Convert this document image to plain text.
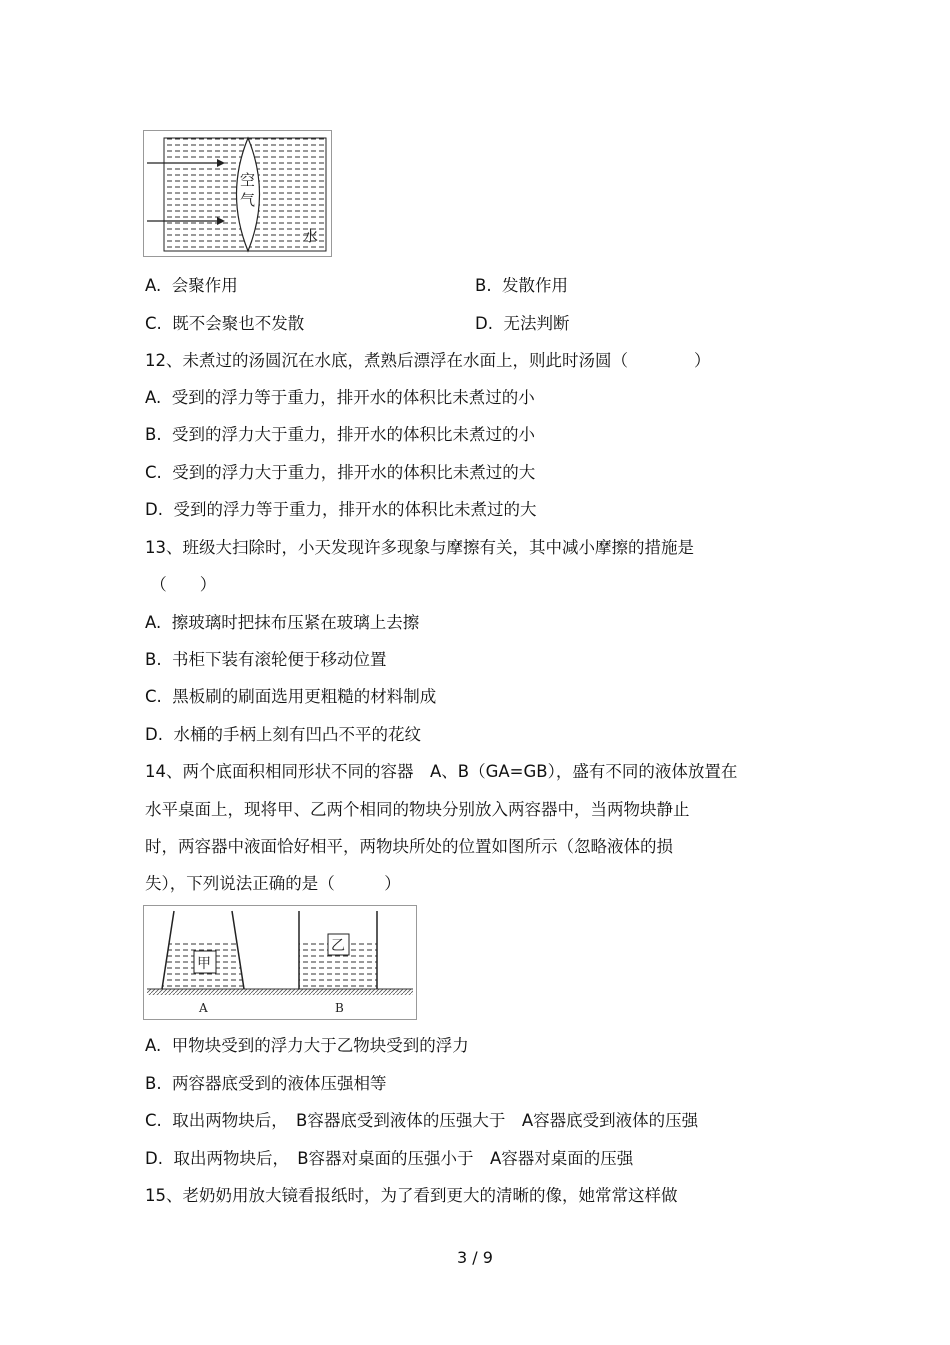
空
气
水
A.  会聚作用	B.  发散作用
C.  既不会聚也不发散	D.  无法判断
12、未煮过的汤圆沉在水底，煮熟后漂浮在水面上，则此时汤圆（　　　　）
A.  受到的浮力等于重力，排开水的体积比未煮过的小
B.  受到的浮力大于重力，排开水的体积比未煮过的小
C.  受到的浮力大于重力，排开水的体积比未煮过的大
D.  受到的浮力等于重力，排开水的体积比未煮过的大
13、班级大扫除时，小天发现许多现象与摩擦有关，其中减小摩擦的措施是
（　　）
A.  擦玻璃时把抹布压紧在玻璃上去擦
B.  书柜下装有滚轮便于移动位置
C.  黑板刷的刷面选用更粗糙的材料制成
D.  水桶的手柄上刻有凹凸不平的花纹
14、两个底面积相同形状不同的容器　A、B（GA=GB），盛有不同的液体放置在
水平桌面上，现将甲、乙两个相同的物块分别放入两容器中，当两物块静止
时，两容器中液面恰好相平，两物块所处的位置如图所示（忽略液体的损
失），下列说法正确的是（　　　）
甲
乙
A	B
A.  甲物块受到的浮力大于乙物块受到的浮力
B.  两容器底受到的液体压强相等
C.  取出两物块后，　B容器底受到液体的压强大于　A容器底受到液体的压强
D.  取出两物块后，　B容器对桌面的压强小于　A容器对桌面的压强
15、老奶奶用放大镜看报纸时，为了看到更大的清晰的像，她常常这样做
3 / 9
